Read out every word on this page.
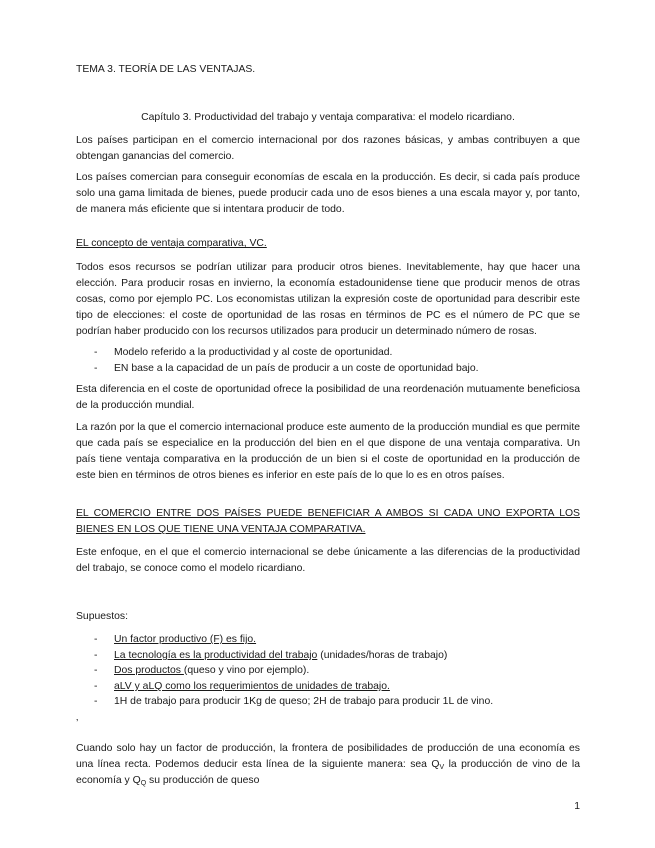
TEMA 3. TEORÍA DE LAS VENTAJAS.

Capítulo 3. Productividad del trabajo y ventaja comparativa: el modelo ricardiano.

Los países participan en el comercio internacional por dos razones básicas, y ambas contribuyen a que obtengan ganancias del comercio.

Los países comercian para conseguir economías de escala en la producción. Es decir, si cada país produce solo una gama limitada de bienes, puede producir cada uno de esos bienes a una escala mayor y, por tanto, de manera más eficiente que si intentara producir de todo.

EL concepto de ventaja comparativa, VC.

Todos esos recursos se podrían utilizar para producir otros bienes. Inevitablemente, hay que hacer una elección. Para producir rosas en invierno, la economía estadounidense tiene que producir menos de otras cosas, como por ejemplo PC. Los economistas utilizan la expresión coste de oportunidad para describir este tipo de elecciones: el coste de oportunidad de las rosas en términos de PC es el número de PC que se podrían haber producido con los recursos utilizados para producir un determinado número de rosas.

- Modelo referido a la productividad y al coste de oportunidad.
- EN base a la capacidad de un país de producir a un coste de oportunidad bajo.

Esta diferencia en el coste de oportunidad ofrece la posibilidad de una reordenación mutuamente beneficiosa de la producción mundial.

La razón por la que el comercio internacional produce este aumento de la producción mundial es que permite que cada país se especialice en la producción del bien en el que dispone de una ventaja comparativa. Un país tiene ventaja comparativa en la producción de un bien si el coste de oportunidad en la producción de este bien en términos de otros bienes es inferior en este país de lo que lo es en otros países.

EL COMERCIO ENTRE DOS PAÍSES PUEDE BENEFICIAR A AMBOS SI CADA UNO EXPORTA LOS BIENES EN LOS QUE TIENE UNA VENTAJA COMPARATIVA.

Este enfoque, en el que el comercio internacional se debe únicamente a las diferencias de la productividad del trabajo, se conoce como el modelo ricardiano.

Supuestos:

- Un factor productivo (F) es fijo.
- La tecnología es la productividad del trabajo (unidades/horas de trabajo)
- Dos productos (queso y vino por ejemplo).
- aLV y aLQ como los requerimientos de unidades de trabajo.
- 1H de trabajo para producir 1Kg de queso; 2H de trabajo para producir 1L de vino.
’

Cuando solo hay un factor de producción, la frontera de posibilidades de producción de una economía es una línea recta. Podemos deducir esta línea de la siguiente manera: sea $Q_V$ la producción de vino de la economía y $Q_Q$ su producción de queso

1
